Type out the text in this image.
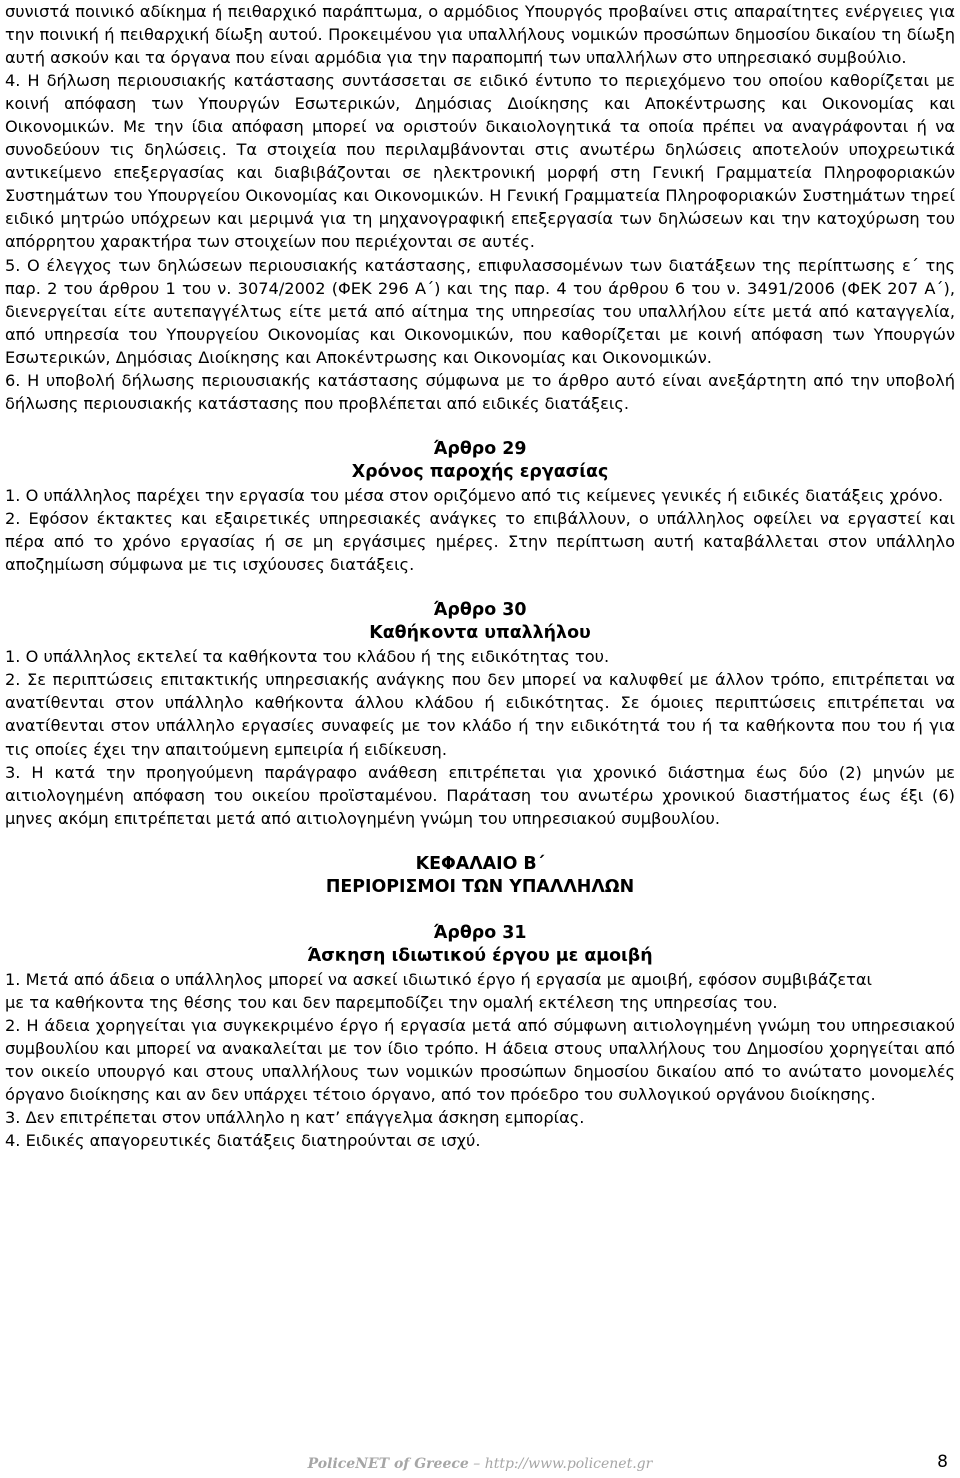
συνιστά ποινικό αδίκημα ή πειθαρχικό παράπτωμα, ο αρμόδιος Υπουργός προβαίνει στις απαραίτητες ενέργειες για την ποινική ή πειθαρχική δίωξη αυτού. Προκειμένου για υπαλλήλους νομικών προσώπων δημοσίου δικαίου τη δίωξη αυτή ασκούν και τα όργανα που είναι αρμόδια για την παραπομπή των υπαλλήλων στο υπηρεσιακό συμβούλιο.

4. Η δήλωση περιουσιακής κατάστασης συντάσσεται σε ειδικό έντυπο το περιεχόμενο του οποίου καθορίζεται με κοινή απόφαση των Υπουργών Εσωτερικών, Δημόσιας Διοίκησης και Αποκέντρωσης και Οικονομίας και Οικονομικών. Με την ίδια απόφαση μπορεί να οριστούν δικαιολογητικά τα οποία πρέπει να αναγράφονται ή να συνοδεύουν τις δηλώσεις. Τα στοιχεία που περιλαμβάνονται στις ανωτέρω δηλώσεις αποτελούν υποχρεωτικά αντικείμενο επεξεργασίας και διαβιβάζονται σε ηλεκτρονική μορφή στη Γενική Γραμματεία Πληροφοριακών Συστημάτων του Υπουργείου Οικονομίας και Οικονομικών. Η Γενική Γραμματεία Πληροφοριακών Συστημάτων τηρεί ειδικό μητρώο υπόχρεων και μεριμνά για τη μηχανογραφική επεξεργασία των δηλώσεων και την κατοχύρωση του απόρρητου χαρακτήρα των στοιχείων που περιέχονται σε αυτές.

5. Ο έλεγχος των δηλώσεων περιουσιακής κατάστασης, επιφυλασσομένων των διατάξεων της περίπτωσης ε΄ της παρ. 2 του άρθρου 1 του ν. 3074/2002 (ΦΕΚ 296 Α΄) και της παρ. 4 του άρθρου 6 του ν. 3491/2006 (ΦΕΚ 207 Α΄), διενεργείται είτε αυτεπαγγέλτως είτε μετά από αίτημα της υπηρεσίας του υπαλλήλου είτε μετά από καταγγελία, από υπηρεσία του Υπουργείου Οικονομίας και Οικονομικών, που καθορίζεται με κοινή απόφαση των Υπουργών Εσωτερικών, Δημόσιας Διοίκησης και Αποκέντρωσης και Οικονομίας και Οικονομικών.

6. Η υποβολή δήλωσης περιουσιακής κατάστασης σύμφωνα με το άρθρο αυτό είναι ανεξάρτητη από την υποβολή δήλωσης περιουσιακής κατάστασης που προβλέπεται από ειδικές διατάξεις.

Άρθρο 29
Χρόνος παροχής εργασίας

1. Ο υπάλληλος παρέχει την εργασία του μέσα στον οριζόμενο από τις κείμενες γενικές ή ειδικές διατάξεις χρόνο.

2. Εφόσον έκτακτες και εξαιρετικές υπηρεσιακές ανάγκες το επιβάλλουν, ο υπάλληλος οφείλει να εργαστεί και πέρα από το χρόνο εργασίας ή σε μη εργάσιμες ημέρες. Στην περίπτωση αυτή καταβάλλεται στον υπάλληλο αποζημίωση σύμφωνα με τις ισχύουσες διατάξεις.

Άρθρο 30
Καθήκοντα υπαλλήλου

1. Ο υπάλληλος εκτελεί τα καθήκοντα του κλάδου ή της ειδικότητας του.

2. Σε περιπτώσεις επιτακτικής υπηρεσιακής ανάγκης που δεν μπορεί να καλυφθεί με άλλον τρόπο, επιτρέπεται να ανατίθενται στον υπάλληλο καθήκοντα άλλου κλάδου ή ειδικότητας. Σε όμοιες περιπτώσεις επιτρέπεται να ανατίθενται στον υπάλληλο εργασίες συναφείς με τον κλάδο ή την ειδικότητά του ή τα καθήκοντα που του ή για τις οποίες έχει την απαιτούμενη εμπειρία ή ειδίκευση.

3. Η κατά την προηγούμενη παράγραφο ανάθεση επιτρέπεται για χρονικό διάστημα έως δύο (2) μηνών με αιτιολογημένη απόφαση του οικείου προϊσταμένου. Παράταση του ανωτέρω χρονικού διαστήματος έως έξι (6) μηνες ακόμη επιτρέπεται μετά από αιτιολογημένη γνώμη του υπηρεσιακού συμβουλίου.

ΚΕΦΑΛΑΙΟ Β΄
ΠΕΡΙΟΡΙΣΜΟΙ ΤΩΝ ΥΠΑΛΛΗΛΩΝ
Άρθρο 31
Άσκηση ιδιωτικού έργου με αμοιβή

1. Μετά από άδεια ο υπάλληλος μπορεί να ασκεί ιδιωτικό έργο ή εργασία με αμοιβή, εφόσον συμβιβάζεται

με τα καθήκοντα της θέσης του και δεν παρεμποδίζει την ομαλή εκτέλεση της υπηρεσίας του.

2. Η άδεια χορηγείται για συγκεκριμένο έργο ή εργασία μετά από σύμφωνη αιτιολογημένη γνώμη του υπηρεσιακού συμβουλίου και μπορεί να ανακαλείται με τον ίδιο τρόπο. Η άδεια στους υπαλλήλους του Δημοσίου χορηγείται από τον οικείο υπουργό και στους υπαλλήλους των νομικών προσώπων δημοσίου δικαίου από το ανώτατο μονομελές όργανο διοίκησης και αν δεν υπάρχει τέτοιο όργανο, από τον πρόεδρο του συλλογικού οργάνου διοίκησης.

3. Δεν επιτρέπεται στον υπάλληλο η κατ’ επάγγελμα άσκηση εμπορίας.

4. Ειδικές απαγορευτικές διατάξεις διατηρούνται σε ισχύ.

PoliceNET of Greece – http://www.policenet.gr	8
